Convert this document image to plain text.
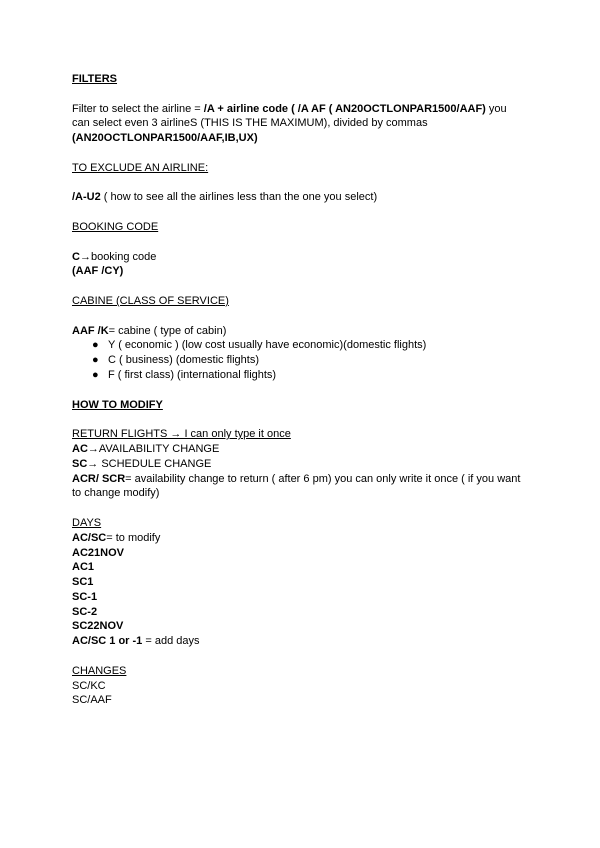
FILTERS
Filter to select the airline = /A + airline code ( /A AF ( AN20OCTLONPAR1500/AAF) you
can select even 3 airlineS (THIS IS THE MAXIMUM), divided by commas
(AN20OCTLONPAR1500/AAF,IB,UX)
TO EXCLUDE AN AIRLINE:
/A-U2 ( how to see all the airlines less than the one you select)
BOOKING CODE
C→booking code
(AAF /CY)
CABINE (CLASS OF SERVICE)
AAF /K= cabine ( type of cabin)
● Y ( economic ) (low cost usually have economic)(domestic flights)
● C ( business) (domestic flights)
● F ( first class) (international flights)
HOW TO MODIFY
RETURN FLIGHTS → I can only type it once
AC→AVAILABILITY CHANGE
SC→ SCHEDULE CHANGE
ACR/ SCR= availability change to return ( after 6 pm) you can only write it once ( if you want
to change modify)
DAYS
AC/SC= to modify
AC21NOV
AC1
SC1
SC-1
SC-2
SC22NOV
AC/SC 1 or -1 = add days
CHANGES
SC/KC
SC/AAF
